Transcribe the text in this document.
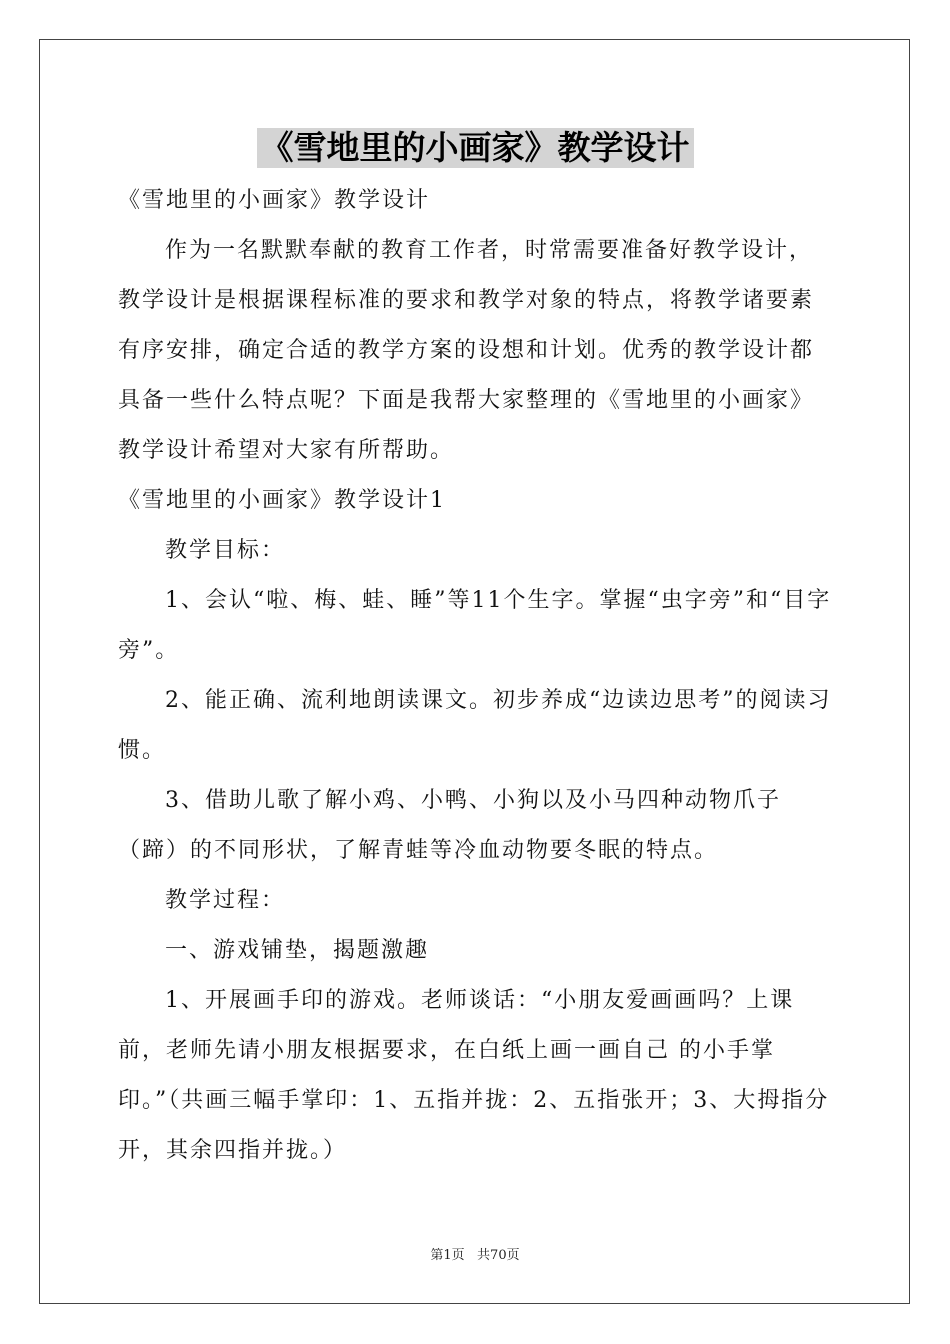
《雪地里的小画家》教学设计

《雪地里的小画家》教学设计

作为一名默默奉献的教育工作者，时常需要准备好教学设计，教学设计是根据课程标准的要求和教学对象的特点，将教学诸要素有序安排，确定合适的教学方案的设想和计划。优秀的教学设计都具备一些什么特点呢？下面是我帮大家整理的《雪地里的小画家》教学设计希望对大家有所帮助。

《雪地里的小画家》教学设计1

教学目标：

1、会认“啦、梅、蛙、睡”等11个生字。掌握“虫字旁”和“目字旁”。

2、能正确、流利地朗读课文。初步养成“边读边思考”的阅读习惯。

3、借助儿歌了解小鸡、小鸭、小狗以及小马四种动物爪子（蹄）的不同形状，了解青蛙等冷血动物要冬眠的特点。

教学过程：

一、游戏铺垫，揭题激趣

1、开展画手印的游戏。老师谈话：“小朋友爱画画吗？上课前，老师先请小朋友根据要求，在白纸上画一画自己 的小手掌印。”（共画三幅手掌印：1、五指并拢：2、五指张开；3、大拇指分开，其余四指并拢。）

第1页   共70页
